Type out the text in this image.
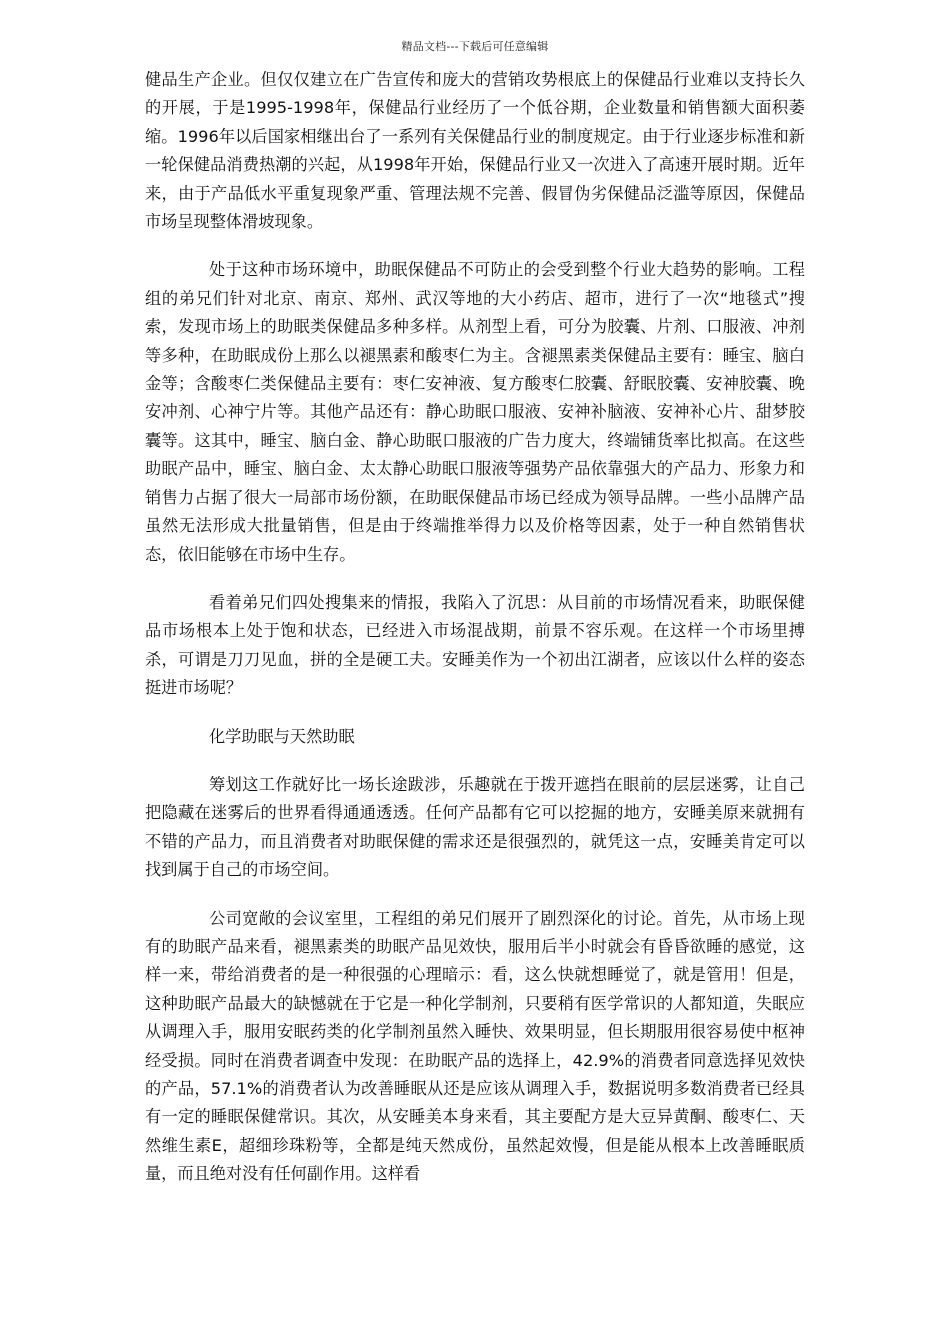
精品文档---下载后可任意编辑

健品生产企业。但仅仅建立在广告宣传和庞大的营销攻势根底上的保健品行业难以支持长久的开展，于是1995-1998年，保健品行业经历了一个低谷期，企业数量和销售额大面积萎缩。1996年以后国家相继出台了一系列有关保健品行业的制度规定。由于行业逐步标准和新一轮保健品消费热潮的兴起，从1998年开始，保健品行业又一次进入了高速开展时期。近年来，由于产品低水平重复现象严重、管理法规不完善、假冒伪劣保健品泛滥等原因，保健品市场呈现整体滑坡现象。

处于这种市场环境中，助眠保健品不可防止的会受到整个行业大趋势的影响。工程组的弟兄们针对北京、南京、郑州、武汉等地的大小药店、超市，进行了一次“地毯式”搜索，发现市场上的助眠类保健品多种多样。从剂型上看，可分为胶囊、片剂、口服液、冲剂等多种，在助眠成份上那么以褪黑素和酸枣仁为主。含褪黑素类保健品主要有：睡宝、脑白金等；含酸枣仁类保健品主要有：枣仁安神液、复方酸枣仁胶囊、舒眠胶囊、安神胶囊、晚安冲剂、心神宁片等。其他产品还有：静心助眠口服液、安神补脑液、安神补心片、甜梦胶囊等。这其中，睡宝、脑白金、静心助眠口服液的广告力度大，终端铺货率比拟高。在这些助眠产品中，睡宝、脑白金、太太静心助眠口服液等强势产品依靠强大的产品力、形象力和销售力占据了很大一局部市场份额，在助眠保健品市场已经成为领导品牌。一些小品牌产品虽然无法形成大批量销售，但是由于终端推举得力以及价格等因素，处于一种自然销售状态，依旧能够在市场中生存。

看着弟兄们四处搜集来的情报，我陷入了沉思：从目前的市场情况看来，助眠保健品市场根本上处于饱和状态，已经进入市场混战期，前景不容乐观。在这样一个市场里搏杀，可谓是刀刀见血，拼的全是硬工夫。安睡美作为一个初出江湖者，应该以什么样的姿态挺进市场呢？

化学助眠与天然助眠

筹划这工作就好比一场长途跋涉，乐趣就在于拨开遮挡在眼前的层层迷雾，让自己把隐藏在迷雾后的世界看得通通透透。任何产品都有它可以挖掘的地方，安睡美原来就拥有不错的产品力，而且消费者对助眠保健的需求还是很强烈的，就凭这一点，安睡美肯定可以找到属于自己的市场空间。

公司宽敞的会议室里，工程组的弟兄们展开了剧烈深化的讨论。首先，从市场上现有的助眠产品来看，褪黑素类的助眠产品见效快，服用后半小时就会有昏昏欲睡的感觉，这样一来，带给消费者的是一种很强的心理暗示：看，这么快就想睡觉了，就是管用！但是，这种助眠产品最大的缺憾就在于它是一种化学制剂，只要稍有医学常识的人都知道，失眠应从调理入手，服用安眠药类的化学制剂虽然入睡快、效果明显，但长期服用很容易使中枢神经受损。同时在消费者调查中发现：在助眠产品的选择上，42.9%的消费者同意选择见效快的产品，57.1%的消费者认为改善睡眠从还是应该从调理入手，数据说明多数消费者已经具有一定的睡眠保健常识。其次，从安睡美本身来看，其主要配方是大豆异黄酮、酸枣仁、天然维生素E，超细珍珠粉等，全都是纯天然成份，虽然起效慢，但是能从根本上改善睡眠质量，而且绝对没有任何副作用。这样看
